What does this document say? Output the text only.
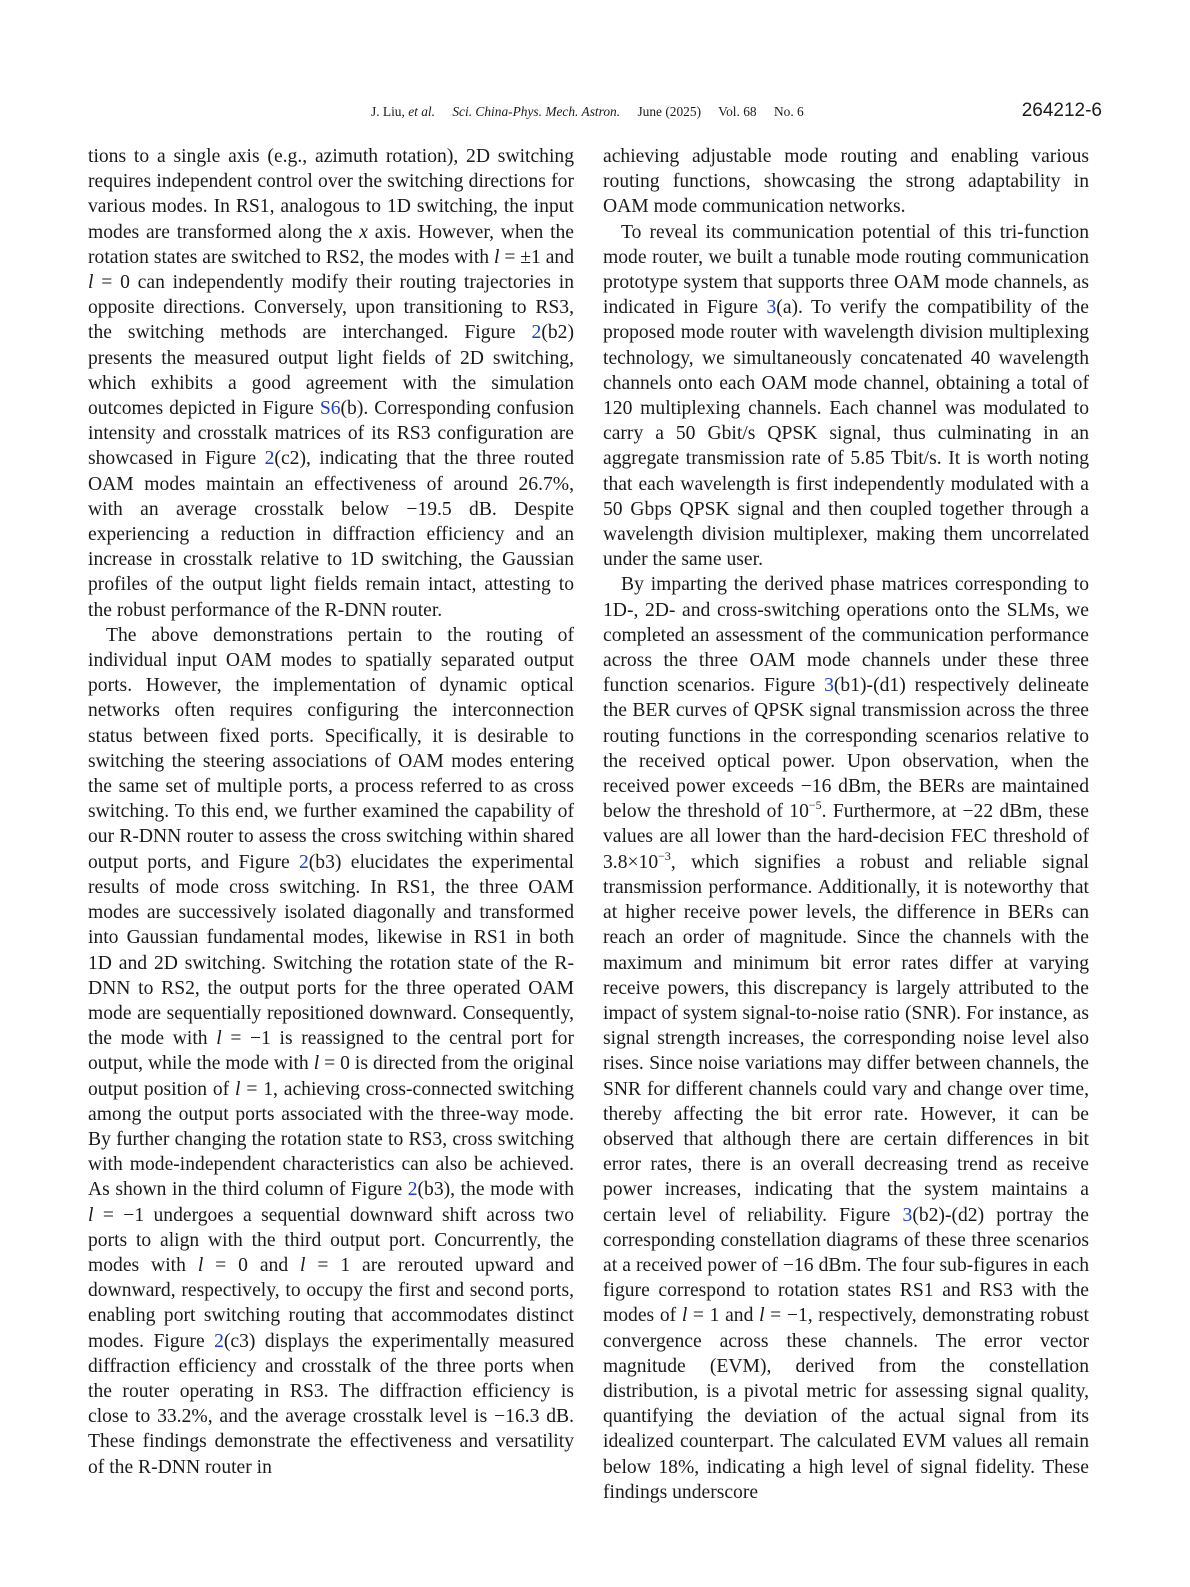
J. Liu, et al. Sci. China-Phys. Mech. Astron. June (2025) Vol. 68 No. 6	264212-6

tions to a single axis (e.g., azimuth rotation), 2D switching requires independent control over the switching directions for various modes. In RS1, analogous to 1D switching, the input modes are transformed along the x axis. However, when the rotation states are switched to RS2, the modes with l = ±1 and l = 0 can independently modify their routing trajectories in opposite directions. Conversely, upon transitioning to RS3, the switching methods are interchanged. Figure 2(b2) presents the measured output light fields of 2D switching, which exhibits a good agreement with the simulation outcomes depicted in Figure S6(b). Corresponding confusion intensity and crosstalk matrices of its RS3 configuration are showcased in Figure 2(c2), indicating that the three routed OAM modes maintain an effectiveness of around 26.7%, with an average crosstalk below −19.5 dB. Despite experiencing a reduction in diffraction efficiency and an increase in crosstalk relative to 1D switching, the Gaussian profiles of the output light fields remain intact, attesting to the robust performance of the R-DNN router.

The above demonstrations pertain to the routing of individual input OAM modes to spatially separated output ports. However, the implementation of dynamic optical networks often requires configuring the interconnection status between fixed ports. Specifically, it is desirable to switching the steering associations of OAM modes entering the same set of multiple ports, a process referred to as cross switching. To this end, we further examined the capability of our R-DNN router to assess the cross switching within shared output ports, and Figure 2(b3) elucidates the experimental results of mode cross switching. In RS1, the three OAM modes are successively isolated diagonally and transformed into Gaussian fundamental modes, likewise in RS1 in both 1D and 2D switching. Switching the rotation state of the R-DNN to RS2, the output ports for the three operated OAM mode are sequentially repositioned downward. Consequently, the mode with l = −1 is reassigned to the central port for output, while the mode with l = 0 is directed from the original output position of l = 1, achieving cross-connected switching among the output ports associated with the three-way mode. By further changing the rotation state to RS3, cross switching with mode-independent characteristics can also be achieved. As shown in the third column of Figure 2(b3), the mode with l = −1 undergoes a sequential downward shift across two ports to align with the third output port. Concurrently, the modes with l = 0 and l = 1 are rerouted upward and downward, respectively, to occupy the first and second ports, enabling port switching routing that accommodates distinct modes. Figure 2(c3) displays the experimentally measured diffraction efficiency and crosstalk of the three ports when the router operating in RS3. The diffraction efficiency is close to 33.2%, and the average crosstalk level is −16.3 dB. These findings demonstrate the effectiveness and versatility of the R-DNN router in

achieving adjustable mode routing and enabling various routing functions, showcasing the strong adaptability in OAM mode communication networks.

To reveal its communication potential of this tri-function mode router, we built a tunable mode routing communication prototype system that supports three OAM mode channels, as indicated in Figure 3(a). To verify the compatibility of the proposed mode router with wavelength division multiplexing technology, we simultaneously concatenated 40 wavelength channels onto each OAM mode channel, obtaining a total of 120 multiplexing channels. Each channel was modulated to carry a 50 Gbit/s QPSK signal, thus culminating in an aggregate transmission rate of 5.85 Tbit/s. It is worth noting that each wavelength is first independently modulated with a 50 Gbps QPSK signal and then coupled together through a wavelength division multiplexer, making them uncorrelated under the same user.

By imparting the derived phase matrices corresponding to 1D-, 2D- and cross-switching operations onto the SLMs, we completed an assessment of the communication performance across the three OAM mode channels under these three function scenarios. Figure 3(b1)-(d1) respectively delineate the BER curves of QPSK signal transmission across the three routing functions in the corresponding scenarios relative to the received optical power. Upon observation, when the received power exceeds −16 dBm, the BERs are maintained below the threshold of $10^{-5}$. Furthermore, at −22 dBm, these values are all lower than the hard-decision FEC threshold of $3.8\times 10^{-3}$, which signifies a robust and reliable signal transmission performance. Additionally, it is noteworthy that at higher receive power levels, the difference in BERs can reach an order of magnitude. Since the channels with the maximum and minimum bit error rates differ at varying receive powers, this discrepancy is largely attributed to the impact of system signal-to-noise ratio (SNR). For instance, as signal strength increases, the corresponding noise level also rises. Since noise variations may differ between channels, the SNR for different channels could vary and change over time, thereby affecting the bit error rate. However, it can be observed that although there are certain differences in bit error rates, there is an overall decreasing trend as receive power increases, indicating that the system maintains a certain level of reliability. Figure 3(b2)-(d2) portray the corresponding constellation diagrams of these three scenarios at a received power of −16 dBm. The four sub-figures in each figure correspond to rotation states RS1 and RS3 with the modes of l = 1 and l = −1, respectively, demonstrating robust convergence across these channels. The error vector magnitude (EVM), derived from the constellation distribution, is a pivotal metric for assessing signal quality, quantifying the deviation of the actual signal from its idealized counterpart. The calculated EVM values all remain below 18%, indicating a high level of signal fidelity. These findings underscore
